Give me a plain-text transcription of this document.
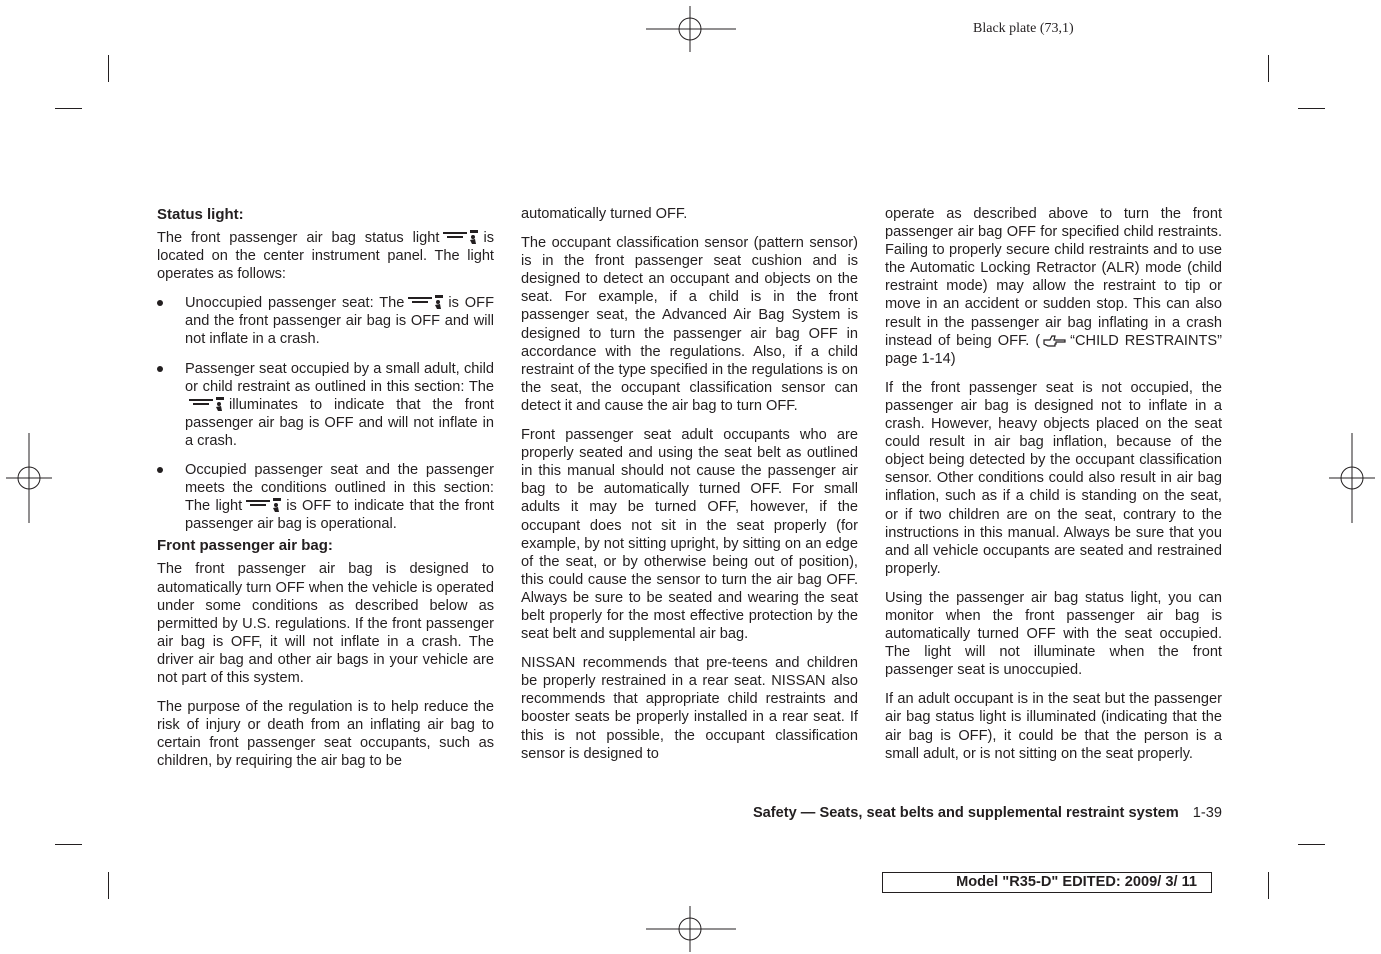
Black plate (73,1)
Status light:

The front passenger air bag status light	is located on the center instrument panel. The light operates as follows:

Unoccupied passenger seat: The	is OFF and the front passenger air bag is OFF and will not inflate in a crash.
Passenger seat occupied by a small adult, child or child restraint as outlined in this section: Theilluminates to indicate that the front passenger air bag is OFF and will not inflate in a crash.
Occupied passenger seat and the passenger meets the conditions outlined in this section: The light	is OFF to indicate that the front passenger air bag is operational.
Front passenger air bag:

The front passenger air bag is designed to automatically turn OFF when the vehicle is operated under some conditions as described below as permitted by U.S. regulations. If the front passenger air bag is OFF, it will not inflate in a crash. The driver air bag and other air bags in your vehicle are not part of this system.

The purpose of the regulation is to help reduce the risk of injury or death from an inflating air bag to certain front passenger seat occupants, such as children, by requiring the air bag to be

automatically turned OFF.

The occupant classification sensor (pattern sensor) is in the front passenger seat cushion and is designed to detect an occupant and objects on the seat. For example, if a child is in the front passenger seat, the Advanced Air Bag System is designed to turn the passenger air bag OFF in accordance with the regulations. Also, if a child restraint of the type specified in the regulations is on the seat, the occupant classification sensor can detect it and cause the air bag to turn OFF.

Front passenger seat adult occupants who are properly seated and using the seat belt as outlined in this manual should not cause the passenger air bag to be automatically turned OFF. For small adults it may be turned OFF, however, if the occupant does not sit in the seat properly (for example, by not sitting upright, by sitting on an edge of the seat, or by otherwise being out of position), this could cause the sensor to turn the air bag OFF. Always be sure to be seated and wearing the seat belt properly for the most effective protection by the seat belt and supplemental air bag.

NISSAN recommends that pre-teens and children be properly restrained in a rear seat. NISSAN also recommends that appropriate child restraints and booster seats be properly installed in a rear seat. If this is not possible, the occupant classification sensor is designed to

operate as described above to turn the front passenger air bag OFF for specified child restraints. Failing to properly secure child restraints and to use the Automatic Locking Retractor (ALR) mode (child restraint mode) may allow the restraint to tip or move in an accident or sudden stop. This can also result in the passenger air bag inflating in a crash instead of being OFF. ( “CHILD RESTRAINTS” page 1-14)

If the front passenger seat is not occupied, the passenger air bag is designed not to inflate in a crash. However, heavy objects placed on the seat could result in air bag inflation, because of the object being detected by the occupant classification sensor. Other conditions could also result in air bag inflation, such as if a child is standing on the seat, or if two children are on the seat, contrary to the instructions in this manual. Always be sure that you and all vehicle occupants are seated and restrained properly.

Using the passenger air bag status light, you can monitor when the front passenger air bag is automatically turned OFF with the seat occupied. The light will not illuminate when the front passenger seat is unoccupied.

If an adult occupant is in the seat but the passenger air bag status light is illuminated (indicating that the air bag is OFF), it could be that the person is a small adult, or is not sitting on the seat properly.

Safety — Seats, seat belts and supplemental restraint system 1-39
Model "R35-D" EDITED: 2009/ 3/ 11
